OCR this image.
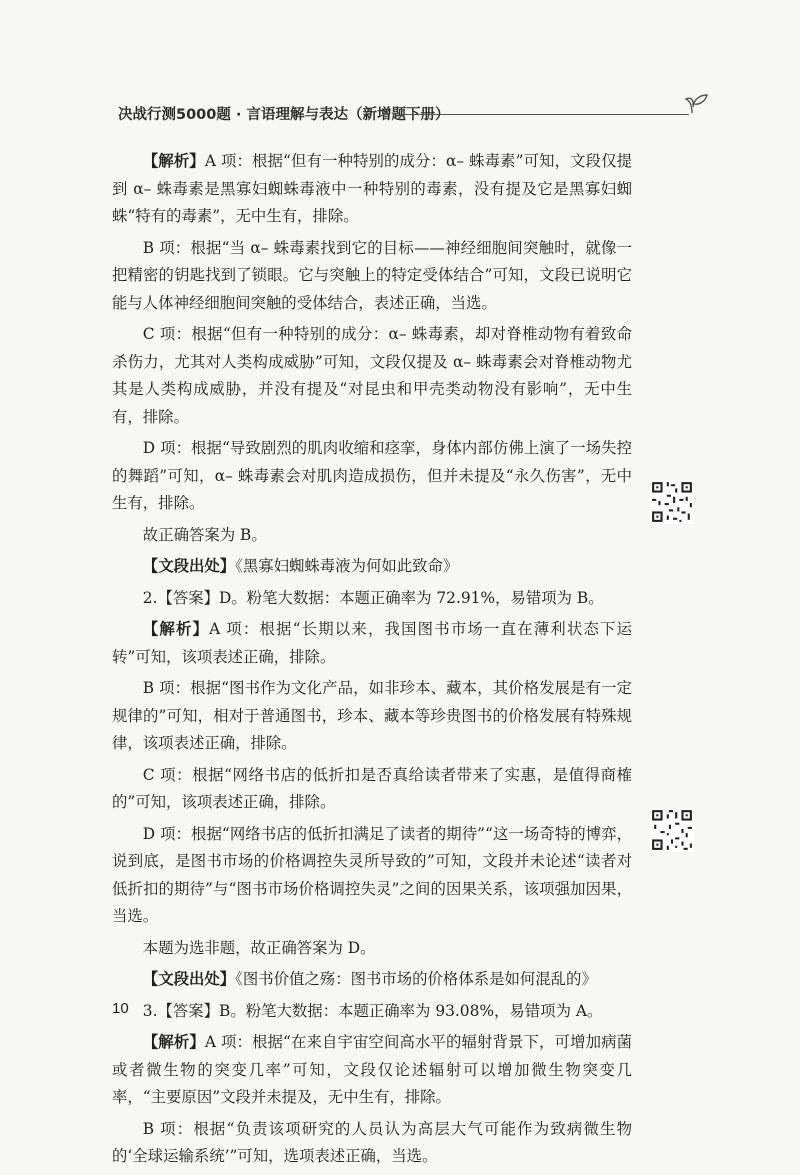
决战行测5000题 · 言语理解与表达（新增题下册）

【解析】A 项：根据“但有一种特别的成分：α– 蛛毒素”可知，文段仅提到 α– 蛛毒素是黑寡妇蜘蛛毒液中一种特别的毒素，没有提及它是黑寡妇蜘蛛“特有的毒素”，无中生有，排除。

B 项：根据“当 α– 蛛毒素找到它的目标——神经细胞间突触时，就像一把精密的钥匙找到了锁眼。它与突触上的特定受体结合”可知，文段已说明它能与人体神经细胞间突触的受体结合，表述正确，当选。

C 项：根据“但有一种特别的成分：α– 蛛毒素，却对脊椎动物有着致命杀伤力，尤其对人类构成威胁”可知，文段仅提及 α– 蛛毒素会对脊椎动物尤其是人类构成威胁，并没有提及“对昆虫和甲壳类动物没有影响”，无中生有，排除。

D 项：根据“导致剧烈的肌肉收缩和痉挛，身体内部仿佛上演了一场失控的舞蹈”可知，α– 蛛毒素会对肌肉造成损伤，但并未提及“永久伤害”，无中生有，排除。

故正确答案为 B。

【文段出处】《黑寡妇蜘蛛毒液为何如此致命》

2.【答案】D。粉笔大数据：本题正确率为 72.91%，易错项为 B。

【解析】A 项：根据“长期以来，我国图书市场一直在薄利状态下运转”可知，该项表述正确，排除。

B 项：根据“图书作为文化产品，如非珍本、藏本，其价格发展是有一定规律的”可知，相对于普通图书，珍本、藏本等珍贵图书的价格发展有特殊规律，该项表述正确，排除。

C 项：根据“网络书店的低折扣是否真给读者带来了实惠，是值得商榷的”可知，该项表述正确，排除。

D 项：根据“网络书店的低折扣满足了读者的期待”“这一场奇特的博弈，说到底，是图书市场的价格调控失灵所导致的”可知，文段并未论述“读者对低折扣的期待”与“图书市场价格调控失灵”之间的因果关系，该项强加因果，当选。

本题为选非题，故正确答案为 D。

【文段出处】《图书价值之殇：图书市场的价格体系是如何混乱的》

3.【答案】B。粉笔大数据：本题正确率为 93.08%，易错项为 A。

【解析】A 项：根据“在来自宇宙空间高水平的辐射背景下，可增加病菌或者微生物的突变几率”可知，文段仅论述辐射可以增加微生物突变几率，“主要原因”文段并未提及，无中生有，排除。

B 项：根据“负责该项研究的人员认为高层大气可能作为致病微生物的‘全球运输系统’”可知，选项表述正确，当选。

10
